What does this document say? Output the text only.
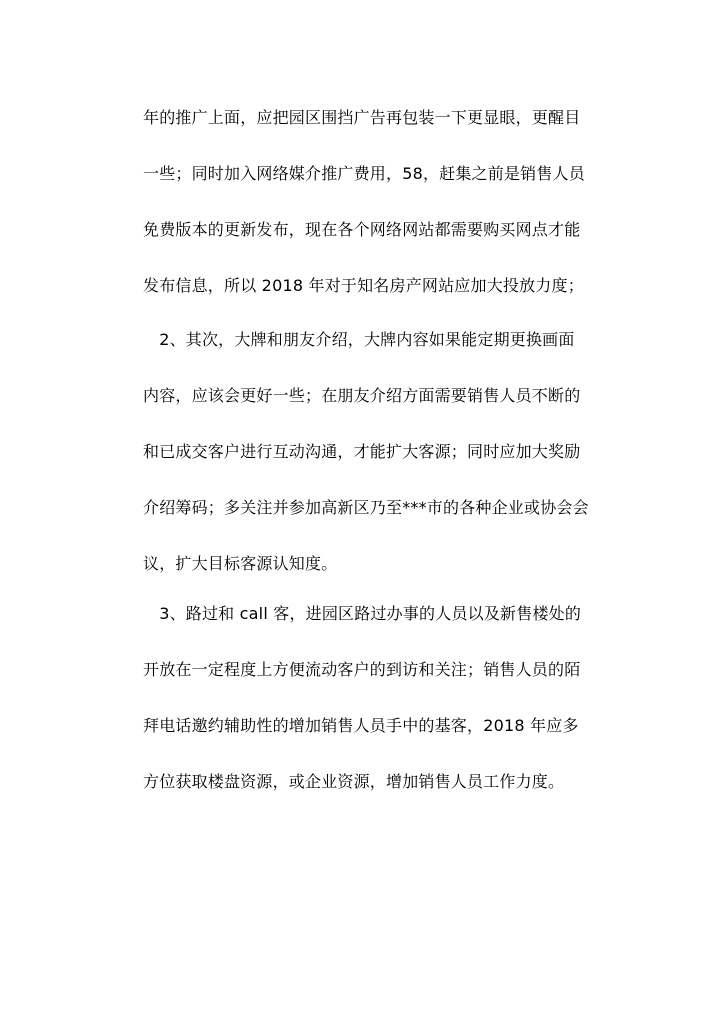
年的推广上面，应把园区围挡广告再包装一下更显眼，更醒目
一些；同时加入网络媒介推广费用，58，赶集之前是销售人员
免费版本的更新发布，现在各个网络网站都需要购买网点才能
发布信息，所以 2018 年对于知名房产网站应加大投放力度；
　2、其次，大牌和朋友介绍，大牌内容如果能定期更换画面
内容，应该会更好一些；在朋友介绍方面需要销售人员不断的
和已成交客户进行互动沟通，才能扩大客源；同时应加大奖励
介绍筹码；多关注并参加高新区乃至***市的各种企业或协会会
议，扩大目标客源认知度。
　3、路过和 call 客，进园区路过办事的人员以及新售楼处的
开放在一定程度上方便流动客户的到访和关注；销售人员的陌
拜电话邀约辅助性的增加销售人员手中的基客，2018 年应多
方位获取楼盘资源，或企业资源，增加销售人员工作力度。
